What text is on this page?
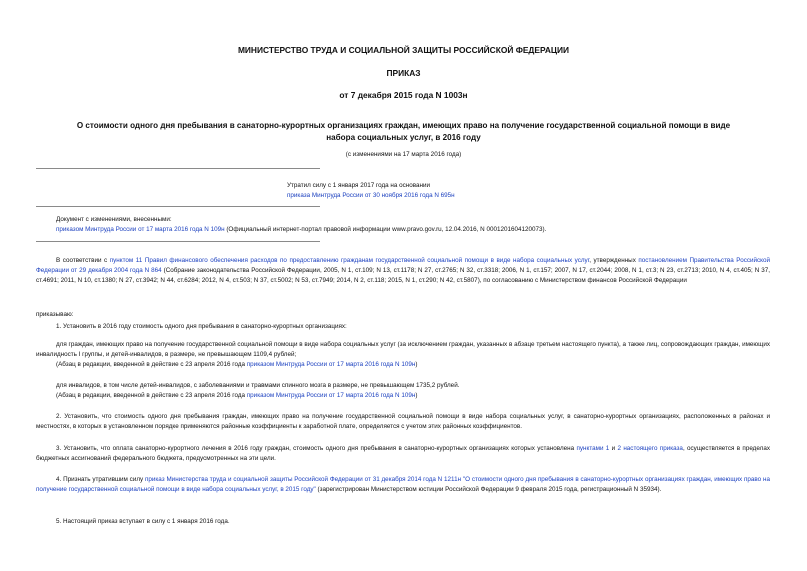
МИНИСТЕРСТВО ТРУДА И СОЦИАЛЬНОЙ ЗАЩИТЫ РОССИЙСКОЙ ФЕДЕРАЦИИ
ПРИКАЗ
от 7 декабря 2015 года N 1003н
О стоимости одного дня пребывания в санаторно-курортных организациях граждан, имеющих право на получение государственной социальной помощи в виде
набора социальных услуг, в 2016 году
(с изменениями на 17 марта 2016 года)
Утратил силу с 1 января 2017 года на основании
приказа Минтруда России от 30 ноября 2016 года N 695н
Документ с изменениями, внесенными:
приказом Минтруда России от 17 марта 2016 года N 109н (Официальный интернет-портал правовой информации www.pravo.gov.ru, 12.04.2016, N 0001201604120073).
В соответствии с пунктом 11 Правил финансового обеспечения расходов по предоставлению гражданам государственной социальной помощи в виде набора социальных услуг, утвержденных постановлением Правительства Российской Федерации от 29 декабря 2004 года N 864 (Собрание законодательства Российской Федерации, 2005, N 1, ст.109; N 13, ст.1178; N 27, ст.2765; N 32, ст.3318; 2006, N 1, ст.157; 2007, N 17, ст.2044; 2008, N 1, ст.3; N 23, ст.2713; 2010, N 4, ст.405; N 37, ст.4691; 2011, N 10, ст.1380; N 27, ст.3942; N 44, ст.6284; 2012, N 4, ст.503; N 37, ст.5002; N 53, ст.7949; 2014, N 2, ст.118; 2015, N 1, ст.290; N 42, ст.5807), по согласованию с Министерством финансов Российской Федерации
приказываю:
1. Установить в 2016 году стоимость одного дня пребывания в санаторно-курортных организациях:
для граждан, имеющих право на получение государственной социальной помощи в виде набора социальных услуг (за исключением граждан, указанных в абзаце третьем настоящего пункта), а также лиц, сопровождающих граждан, имеющих инвалидность I группы, и детей-инвалидов, в размере, не превышающем 1109,4 рублей;
(Абзац в редакции, введенной в действие с 23 апреля 2016 года приказом Минтруда России от 17 марта 2016 года N 109н)
для инвалидов, в том числе детей-инвалидов, с заболеваниями и травмами спинного мозга в размере, не превышающем 1735,2 рублей.
(Абзац в редакции, введенной в действие с 23 апреля 2016 года приказом Минтруда России от 17 марта 2016 года N 109н)
2. Установить, что стоимость одного дня пребывания граждан, имеющих право на получение государственной социальной помощи в виде набора социальных услуг, в санаторно-курортных организациях, расположенных в районах и местностях, в которых в установленном порядке применяются районные коэффициенты к заработной плате, определяется с учетом этих районных коэффициентов.
3. Установить, что оплата санаторно-курортного лечения в 2016 году граждан, стоимость одного дня пребывания в санаторно-курортных организациях которых установлена пунктами 1 и 2 настоящего приказа, осуществляется в пределах бюджетных ассигнований федерального бюджета, предусмотренных на эти цели.
4. Признать утратившим силу приказ Министерства труда и социальной защиты Российской Федерации от 31 декабря 2014 года N 1211н "О стоимости одного дня пребывания в санаторно-курортных организациях граждан, имеющих право на получение государственной социальной помощи в виде набора социальных услуг, в 2015 году" (зарегистрирован Министерством юстиции Российской Федерации 9 февраля 2015 года, регистрационный N 35934).
5. Настоящий приказ вступает в силу с 1 января 2016 года.
